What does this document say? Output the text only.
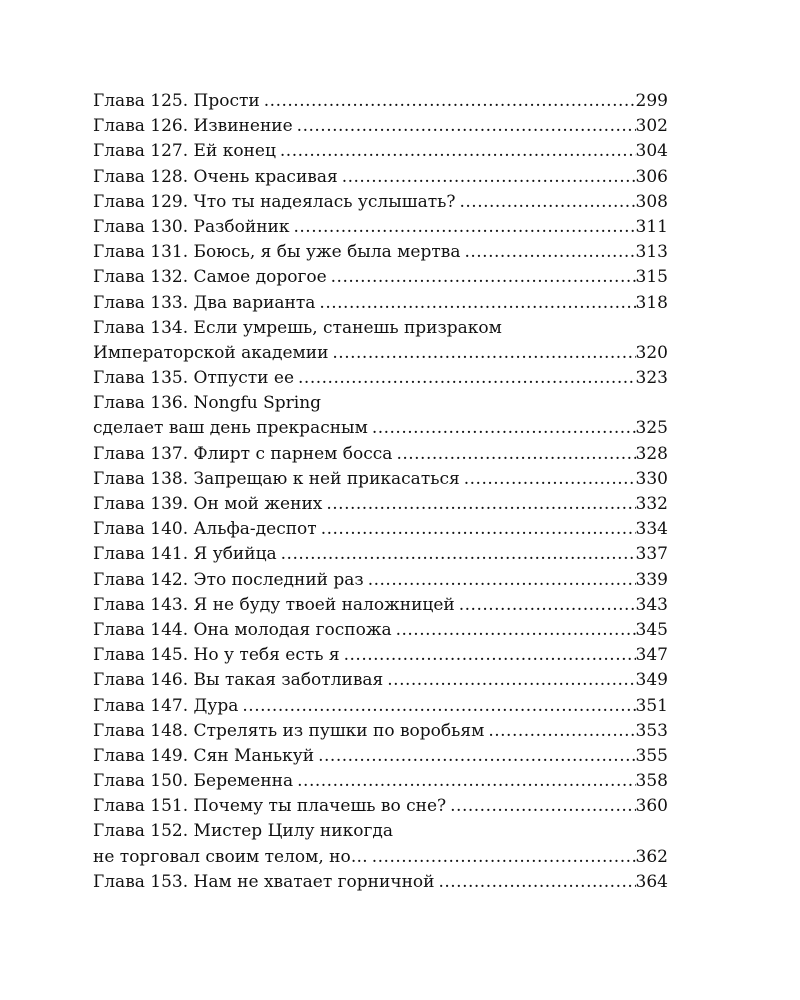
Глава 125. Прости .....	299
Глава 126. Извинение .....	302
Глава 127. Ей конец .....	304
Глава 128. Очень красивая .....	306
Глава 129. Что ты надеялась услышать? .....	308
Глава 130. Разбойник .....	311
Глава 131. Боюсь, я бы уже была мертва .....	313
Глава 132. Самое дорогое .....	315
Глава 133. Два варианта .....	318
Глава 134. Если умрешь, станешь призраком
Императорской академии .....	320
Глава 135. Отпусти ее .....	323
Глава 136. Nongfu Spring
сделает ваш день прекрасным .....	325
Глава 137. Флирт с парнем босса .....	328
Глава 138. Запрещаю к ней прикасаться .....	330
Глава 139. Он мой жених .....	332
Глава 140. Альфа-деспот .....	334
Глава 141. Я убийца .....	337
Глава 142. Это последний раз .....	339
Глава 143. Я не буду твоей наложницей .....	343
Глава 144. Она молодая госпожа .....	345
Глава 145. Но у тебя есть я .....	347
Глава 146. Вы такая заботливая .....	349
Глава 147. Дура .....	351
Глава 148. Стрелять из пушки по воробьям .....	353
Глава 149. Сян Манькуй .....	355
Глава 150. Беременна .....	358
Глава 151. Почему ты плачешь во сне? .....	360
Глава 152. Мистер Цилу никогда
не торговал своим телом, но… .....	362
Глава 153. Нам не хватает горничной .....	364
